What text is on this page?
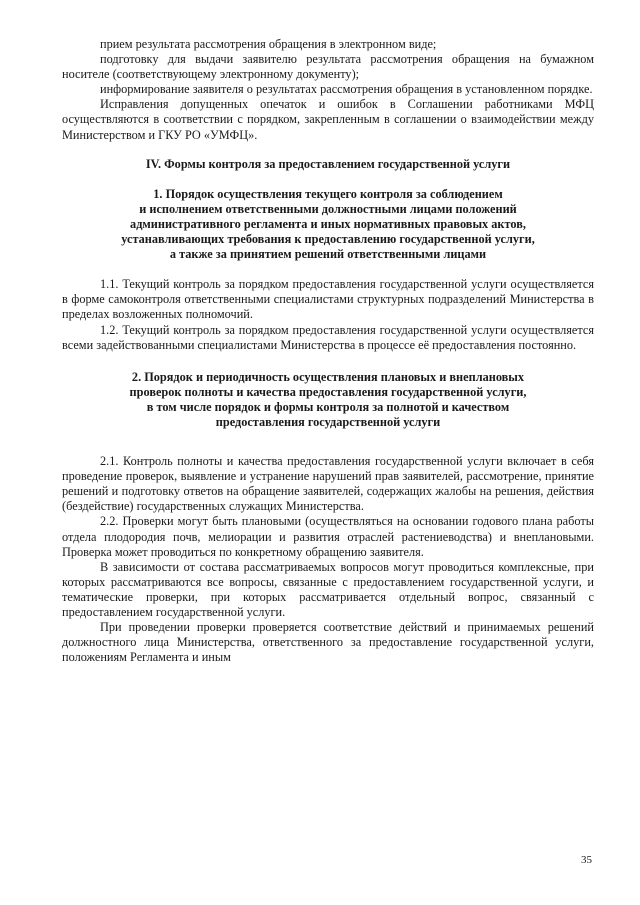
прием результата рассмотрения обращения в электронном виде;

подготовку для выдачи заявителю результата рассмотрения обращения на бумажном носителе (соответствующему электронному документу);

информирование заявителя о результатах рассмотрения обращения в установленном порядке.

Исправления допущенных опечаток и ошибок в Соглашении работниками МФЦ осуществляются в соответствии с порядком, закрепленным в соглашении о взаимодействии между Министерством и ГКУ РО «УМФЦ».

IV. Формы контроля за предоставлением государственной услуги
1. Порядок осуществления текущего контроля за соблюдением
и исполнением ответственными должностными лицами положений
административного регламента и иных нормативных правовых актов,
устанавливающих требования к предоставлению государственной услуги,
а также за принятием решений ответственными лицами

1.1. Текущий контроль за порядком предоставления государственной услуги осуществляется в форме самоконтроля ответственными специалистами структурных подразделений Министерства в пределах возложенных полномочий.

1.2. Текущий контроль за порядком предоставления государственной услуги осуществляется всеми задействованными специалистами Министерства в процессе её предоставления постоянно.

2. Порядок и периодичность осуществления плановых и внеплановых
проверок полноты и качества предоставления государственной услуги,
в том числе порядок и формы контроля за полнотой и качеством
предоставления государственной услуги

2.1. Контроль полноты и качества предоставления государственной услуги включает в себя проведение проверок, выявление и устранение нарушений прав заявителей, рассмотрение, принятие решений и подготовку ответов на обращение заявителей, содержащих жалобы на решения, действия (бездействие) государственных служащих Министерства.

2.2. Проверки могут быть плановыми (осуществляться на основании годового плана работы отдела плодородия почв, мелиорации и развития отраслей растениеводства) и внеплановыми. Проверка может проводиться по конкретному обращению заявителя.

В зависимости от состава рассматриваемых вопросов могут проводиться комплексные, при которых рассматриваются все вопросы, связанные с предоставлением государственной услуги, и тематические проверки, при которых рассматривается отдельный вопрос, связанный с предоставлением государственной услуги.

При проведении проверки проверяется соответствие действий и принимаемых решений должностного лица Министерства, ответственного за предоставление государственной услуги, положениям Регламента и иным

35
